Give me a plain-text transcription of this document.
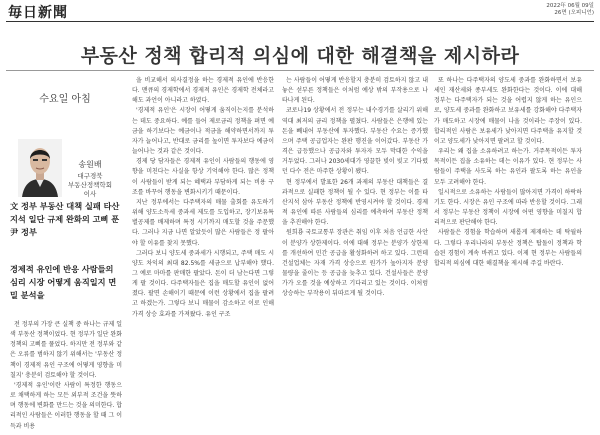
毎日新聞	2022年 06월 09일
26면 (오피니언)
부동산 정책 합리적 의심에 대한 해결책을 제시하라
수요일 아침
송원배
대구경북
부동산정책학회
이사
文 정부 부동산 대책 실패 타산지석 일단 규제 완화의 고삐 푼 尹 정부
경제적 유인에 반응 사람들의 심리 시장 어떻게 움직일지 면밀 분석을

전 정부의 가장 큰 실책 중 하나는 규제 일색 부동산 정책이었다. 현 정부가 일단 완화 정책의 고삐를 풀었다. 하지만 전 정부와 같은 오류를 범하지 않기 위해서는 '부동산 정책이 경제적 유인 구조에 어떻게 영향을 미칠지' 충분히 검토해야 할 것이다.

'경제적 유인'이란 사람이 특정한 행동으로 채택하게 하는 모든 외부적 조건을 뜻하며 행동에 변화를 만드는 것을 의미한다. 합리적인 사람들은 이러한 행동을 할 때 그 이득과 비용

을 비교해서 의사결정을 하는 경제적 유인에 반응한다. 맨큐의 경제학에서 경제적 유인은 경제학 전체라고 해도 과언이 아니라고 하였다.

'경제적 유인'은 시장이 어떻게 움직이는지를 분석하는 데도 중요하다. 예를 들어 제로금리 정책을 펴면 예금을 하기보다는 예금이나 적금을 해약하면서까지 투자가 늘어나고, 반대로 금리를 높이면 투자보다 예금이 늘어나는 것과 같은 것이다.

경제 당 담자들은 경제적 유인이 사람들의 행동에 영향을 미친다는 사실을 항상 기억해야 한다. 많은 정책이 사람들이 받게 되는 혜택과 부담하게 되는 비용 구조를 바꾸어 행동을 변화시키기 때문이다.

지난 정부에서는 다주택자의 매물 출회를 유도하기 위해 양도소득세 중과세 제도를 도입하고, 장기보유특별공제를 배제하며 특정 시기까지 매도할 것을 주문했다. 그러나 지금 나면 알았듯이 많은 사람들은 정 팔아야 할 이유를 찾지 못했다.

그러다 보니 양도세 중과세가 시행되고, 주택 매도 시 양도 차익의 최대 82.5%를 세금으로 납부해야 했다. 그 예로 마마를 판매한 팔았다. 돈이 더 남는다면 그렇게 팔 것이다. 다주택자들은 집을 매도할 유인이 없어졌다. 팔면 손해이기 때문에 이런 상황에서 집을 팔려고 하겠는가. 그렇다 보니 매물이 감소하고 이로 인해 가격 상승 효과를 가져왔다. 유인 구조

는 사람들이 어떻게 반응할지 충분히 검토하지 않고 내놓은 섣부른 정책들은 이처럼 예상 밖의 부작용으로 나타나게 된다.

코로나19 상황에서 전 정부는 내수경기를 살리기 위해 역대 최저의 금리 정책을 펼쳤다. 사람들은 은행에 있는 돈을 빼내어 부동산에 투자했다. 부동산 수요는 증가했으며 주택 공급업자는 완판 행진을 이어갔다. 부동산 가격은 급등했으나 공급자와 투자자 모두 막대한 수익을 거두었다. 그러나 2030세대가 영끌한 빚이 빚고 기다렸던 다수 전은 마주한 상황이 됐다.

현 정부에서 발표한 26개 과제의 부동산 대책들은 결과적으로 실패한 정책이 될 수 있다. 현 정부는 이를 타산지석 삼아 부동산 정책에 반영시켜야 할 것이다. 경제적 유인에 따른 사람들의 심리를 예측하여 부동산 정책을 추진해야 한다.

원희룡 국토교통부 장관은 취임 이후 처음 언급한 사안이 분양가 상한제이다. 이에 대해 정부는 분양가 상한제를 개선하여 민간 공급을 활성화하려 하고 있다. 그런데 건설업체는 자재 가격 상승으로 원가가 높아지자 분양 물량을 줄이는 등 공급을 늦추고 있다. 건설사들은 분양가가 오를 것을 예상하고 기다리고 있는 것이다. 이처럼 상승하는 부작용이 뒤따르게 될 것이다.

또 하나는 다주택자의 양도세 중과를 완화하면서 보유세인 재산세와 종부세도 완화한다는 것이다. 이에 대해 정부는 다주택자가 되는 것을 어렵지 않게 하는 유인으로, 양도세 중과를 완화하고 보유세를 강화해야 다주택자가 매도하고 시장에 매물이 나올 것이라는 주장이 있다. 합리적인 사람은 보유세가 낮아지면 다주택을 유지할 것이고 양도세가 낮아지면 팔려고 할 것이다.

우리는 왜 집을 소유하려고 하는가. 거주목적이든 투자 목적이든 집을 소유하는 데는 이유가 있다. 현 정부는 사람들이 주택을 사도록 하는 유인과 팔도록 하는 유인을 모두 고려해야 한다.

일시적으로 소유하는 사람들이 많아지면 가격이 하락하기도 한다. 시장은 유인 구조에 따라 반응할 것이다. 그래서 정부는 부동산 정책이 시장에 어떤 영향을 미칠지 합리적으로 판단해야 한다.

사람들은 경험을 학습하며 새롭게 제재하는 데 탁월하다. 그렇다 우리나라의 부동산 정책은 탑돌이 정책과 학습된 경험이 계속 바뀌고 있다. 이제 현 정부는 사람들의 합리적 의심에 대한 해결책을 제시해 주길 바란다.
